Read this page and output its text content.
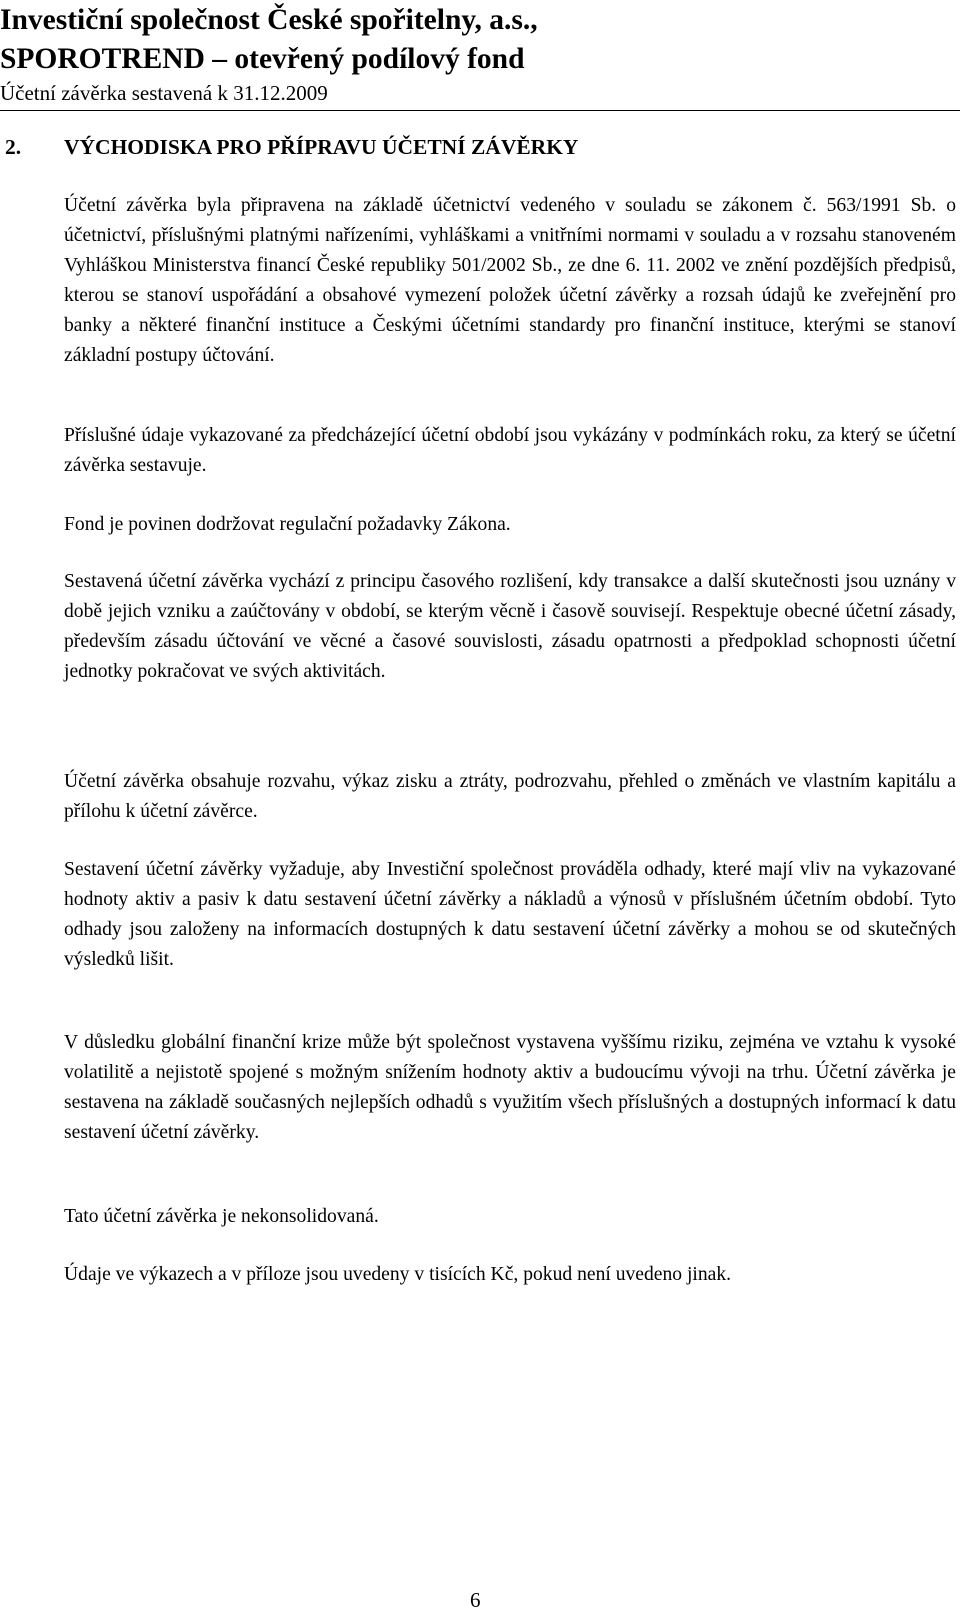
Investiční společnost České spořitelny, a.s.,
SPOROTREND – otevřený podílový fond
Účetní závěrka sestavená k 31.12.2009
2. VÝCHODISKA PRO PŘÍPRAVU ÚČETNÍ ZÁVĚRKY

Účetní závěrka byla připravena na základě účetnictví vedeného v souladu se zákonem č. 563/1991 Sb. o účetnictví, příslušnými platnými nařízeními, vyhláškami a vnitřními normami v souladu a v rozsahu stanoveném Vyhláškou Ministerstva financí České republiky 501/2002 Sb., ze dne 6. 11. 2002 ve znění pozdějších předpisů, kterou se stanoví uspořádání a obsahové vymezení položek účetní závěrky a rozsah údajů ke zveřejnění pro banky a některé finanční instituce a Českými účetními standardy pro finanční instituce, kterými se stanoví základní postupy účtování.

Příslušné údaje vykazované za předcházející účetní období jsou vykázány v podmínkách roku, za který se účetní závěrka sestavuje.

Fond je povinen dodržovat regulační požadavky Zákona.

Sestavená účetní závěrka vychází z principu časového rozlišení, kdy transakce a další skutečnosti jsou uznány v době jejich vzniku a zaúčtovány v období, se kterým věcně i časově souvisejí. Respektuje obecné účetní zásady, především zásadu účtování ve věcné a časové souvislosti, zásadu opatrnosti a předpoklad schopnosti účetní jednotky pokračovat ve svých aktivitách.

Účetní závěrka obsahuje rozvahu, výkaz zisku a ztráty, podrozvahu, přehled o změnách ve vlastním kapitálu a přílohu k účetní závěrce.

Sestavení účetní závěrky vyžaduje, aby Investiční společnost prováděla odhady, které mají vliv na vykazované hodnoty aktiv a pasiv k datu sestavení účetní závěrky a nákladů a výnosů v příslušném účetním období. Tyto odhady jsou založeny na informacích dostupných k datu sestavení účetní závěrky a mohou se od skutečných výsledků lišit.

V důsledku globální finanční krize může být společnost vystavena vyššímu riziku, zejména ve vztahu k vysoké volatilitě a nejistotě spojené s možným snížením hodnoty aktiv a budoucímu vývoji na trhu. Účetní závěrka je sestavena na základě současných nejlepších odhadů s využitím všech příslušných a dostupných informací k datu sestavení účetní závěrky.

Tato účetní závěrka je nekonsolidovaná.

Údaje ve výkazech a v příloze jsou uvedeny v tisících Kč, pokud není uvedeno jinak.

6
